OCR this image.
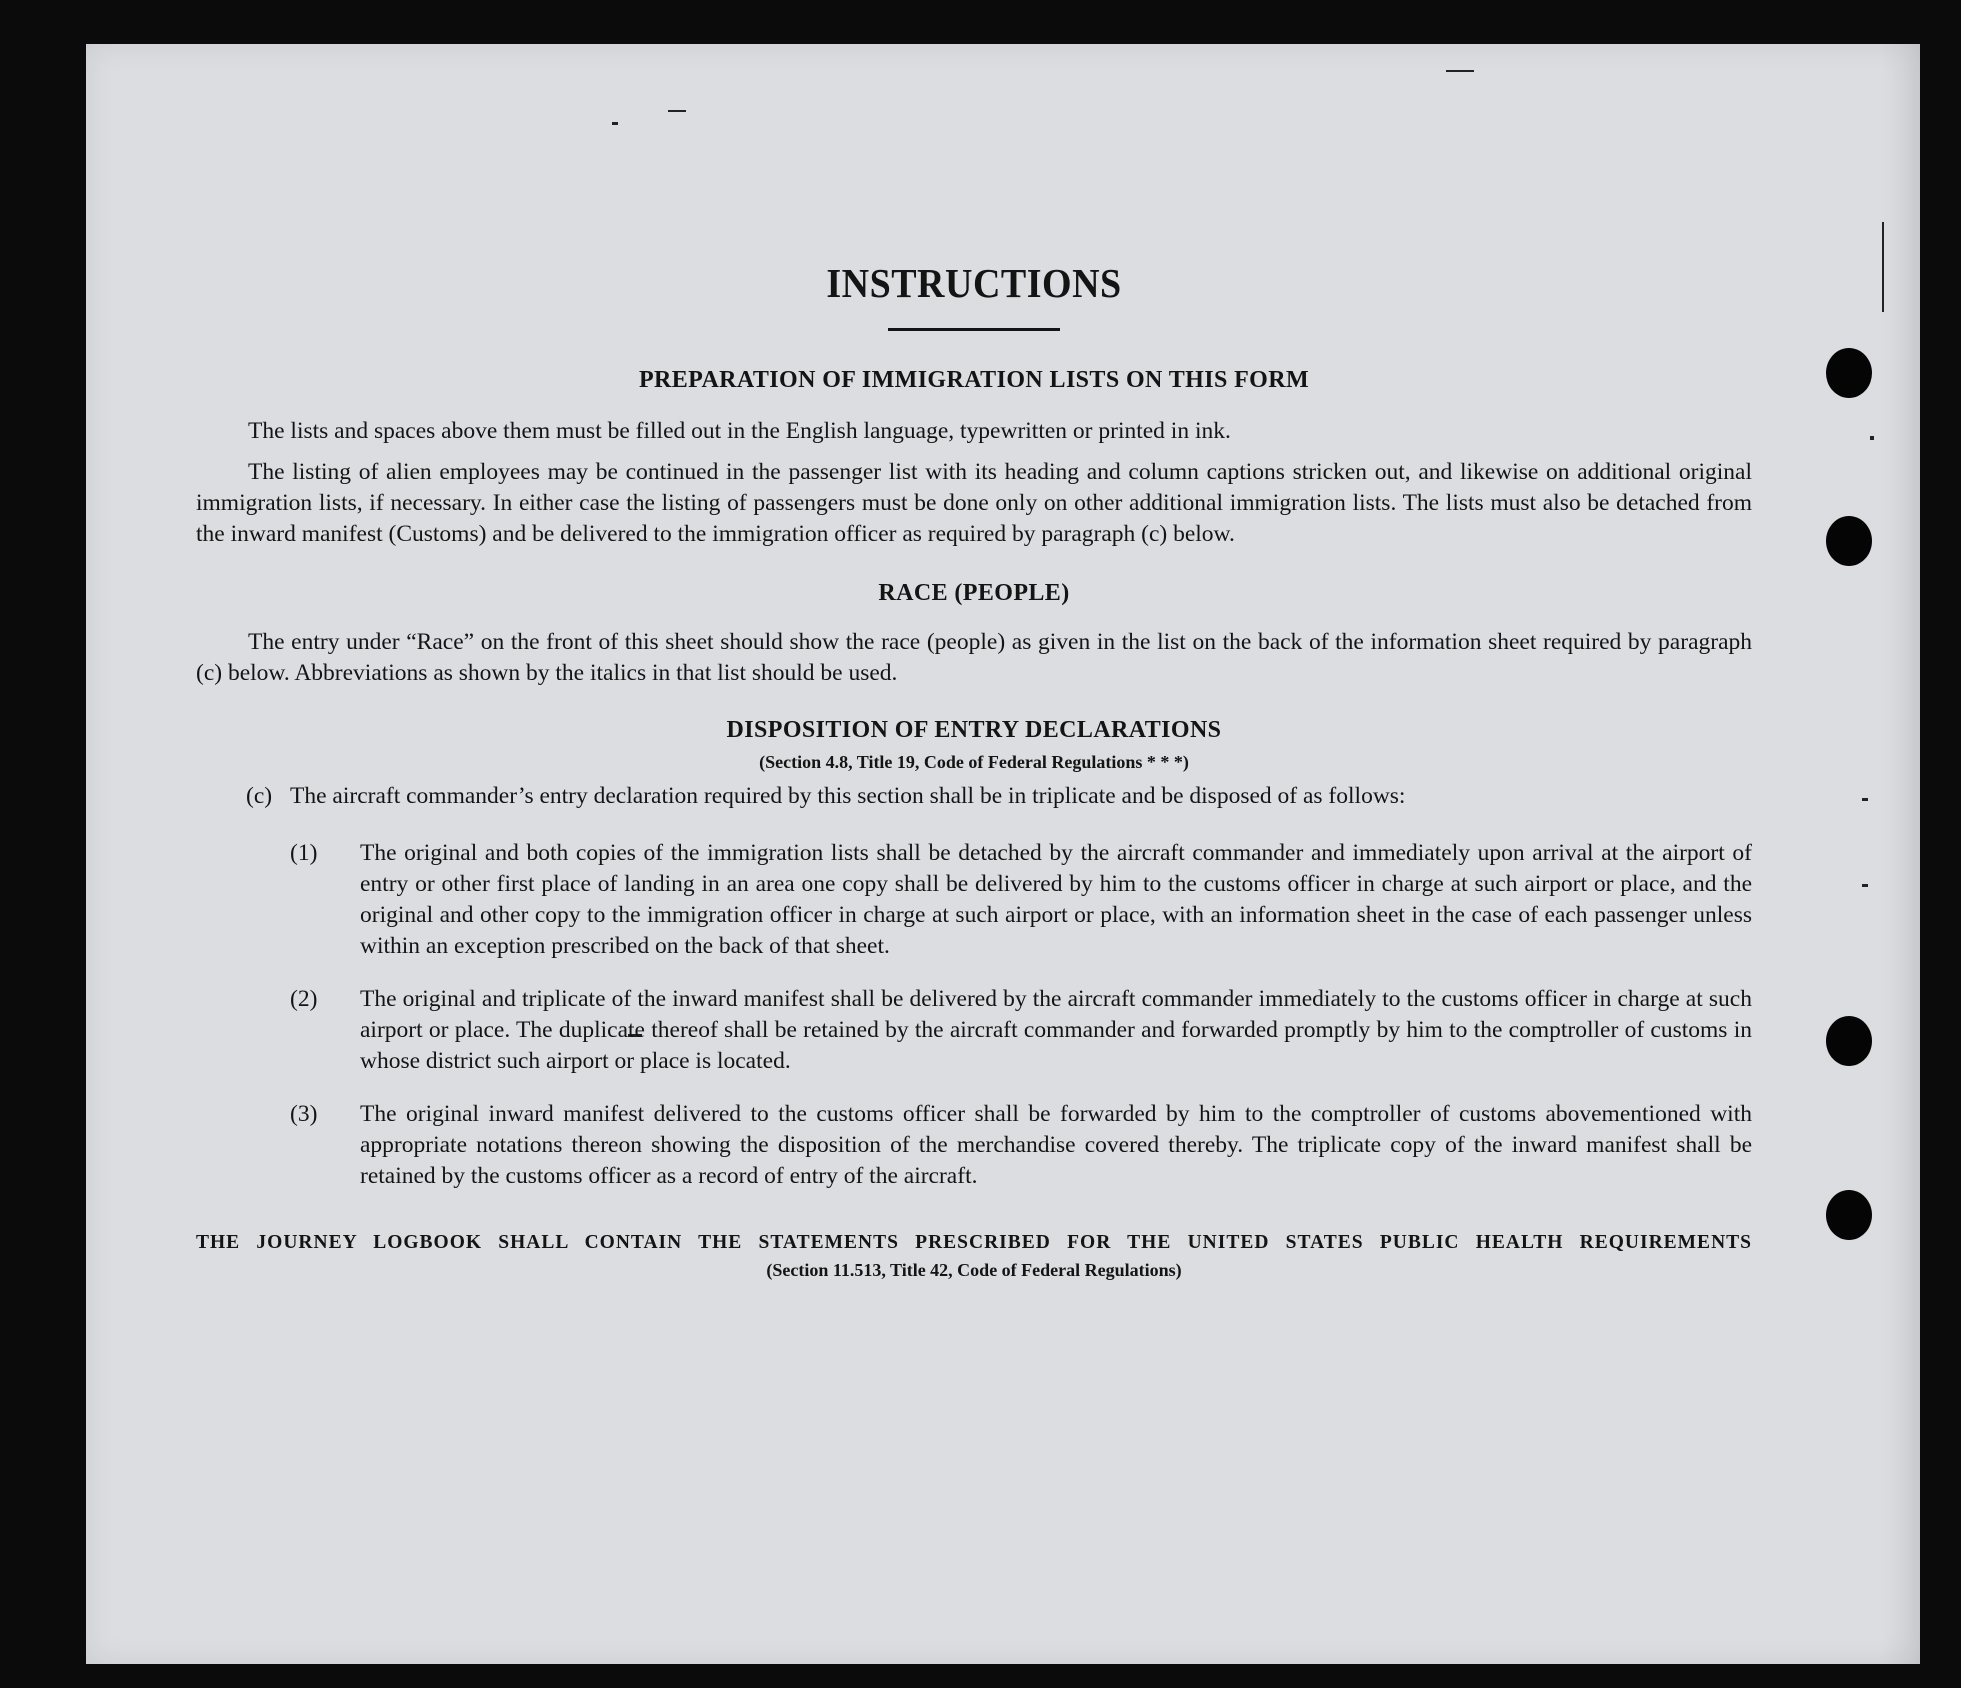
INSTRUCTIONS
PREPARATION OF IMMIGRATION LISTS ON THIS FORM

The lists and spaces above them must be filled out in the English language, typewritten or printed in ink.

The listing of alien employees may be continued in the passenger list with its heading and column captions stricken out, and likewise on additional original immigration lists, if necessary. In either case the listing of passengers must be done only on other additional immigration lists. The lists must also be detached from the inward manifest (Customs) and be delivered to the immigration officer as required by paragraph (c) below.

RACE (PEOPLE)

The entry under “Race” on the front of this sheet should show the race (people) as given in the list on the back of the information sheet required by paragraph (c) below. Abbreviations as shown by the italics in that list should be used.

DISPOSITION OF ENTRY DECLARATIONS
(Section 4.8, Title 19, Code of Federal Regulations * * *)
(c) The aircraft commander’s entry declaration required by this section shall be in triplicate and be disposed of as follows:
(1) The original and both copies of the immigration lists shall be detached by the aircraft commander and immediately upon arrival at the airport of entry or other first place of landing in an area one copy shall be delivered by him to the customs officer in charge at such airport or place, and the original and other copy to the immigration officer in charge at such airport or place, with an information sheet in the case of each passenger unless within an exception prescribed on the back of that sheet.
(2) The original and triplicate of the inward manifest shall be delivered by the aircraft commander immediately to the customs officer in charge at such airport or place. The duplicate thereof shall be retained by the aircraft commander and forwarded promptly by him to the comptroller of customs in whose district such airport or place is located.
(3) The original inward manifest delivered to the customs officer shall be forwarded by him to the comptroller of customs abovementioned with appropriate notations thereon showing the disposition of the merchandise covered thereby. The triplicate copy of the inward manifest shall be retained by the customs officer as a record of entry of the aircraft.
THE JOURNEY LOGBOOK SHALL CONTAIN THE STATEMENTS PRESCRIBED FOR THE UNITED STATES PUBLIC HEALTH REQUIREMENTS
(Section 11.513, Title 42, Code of Federal Regulations)
